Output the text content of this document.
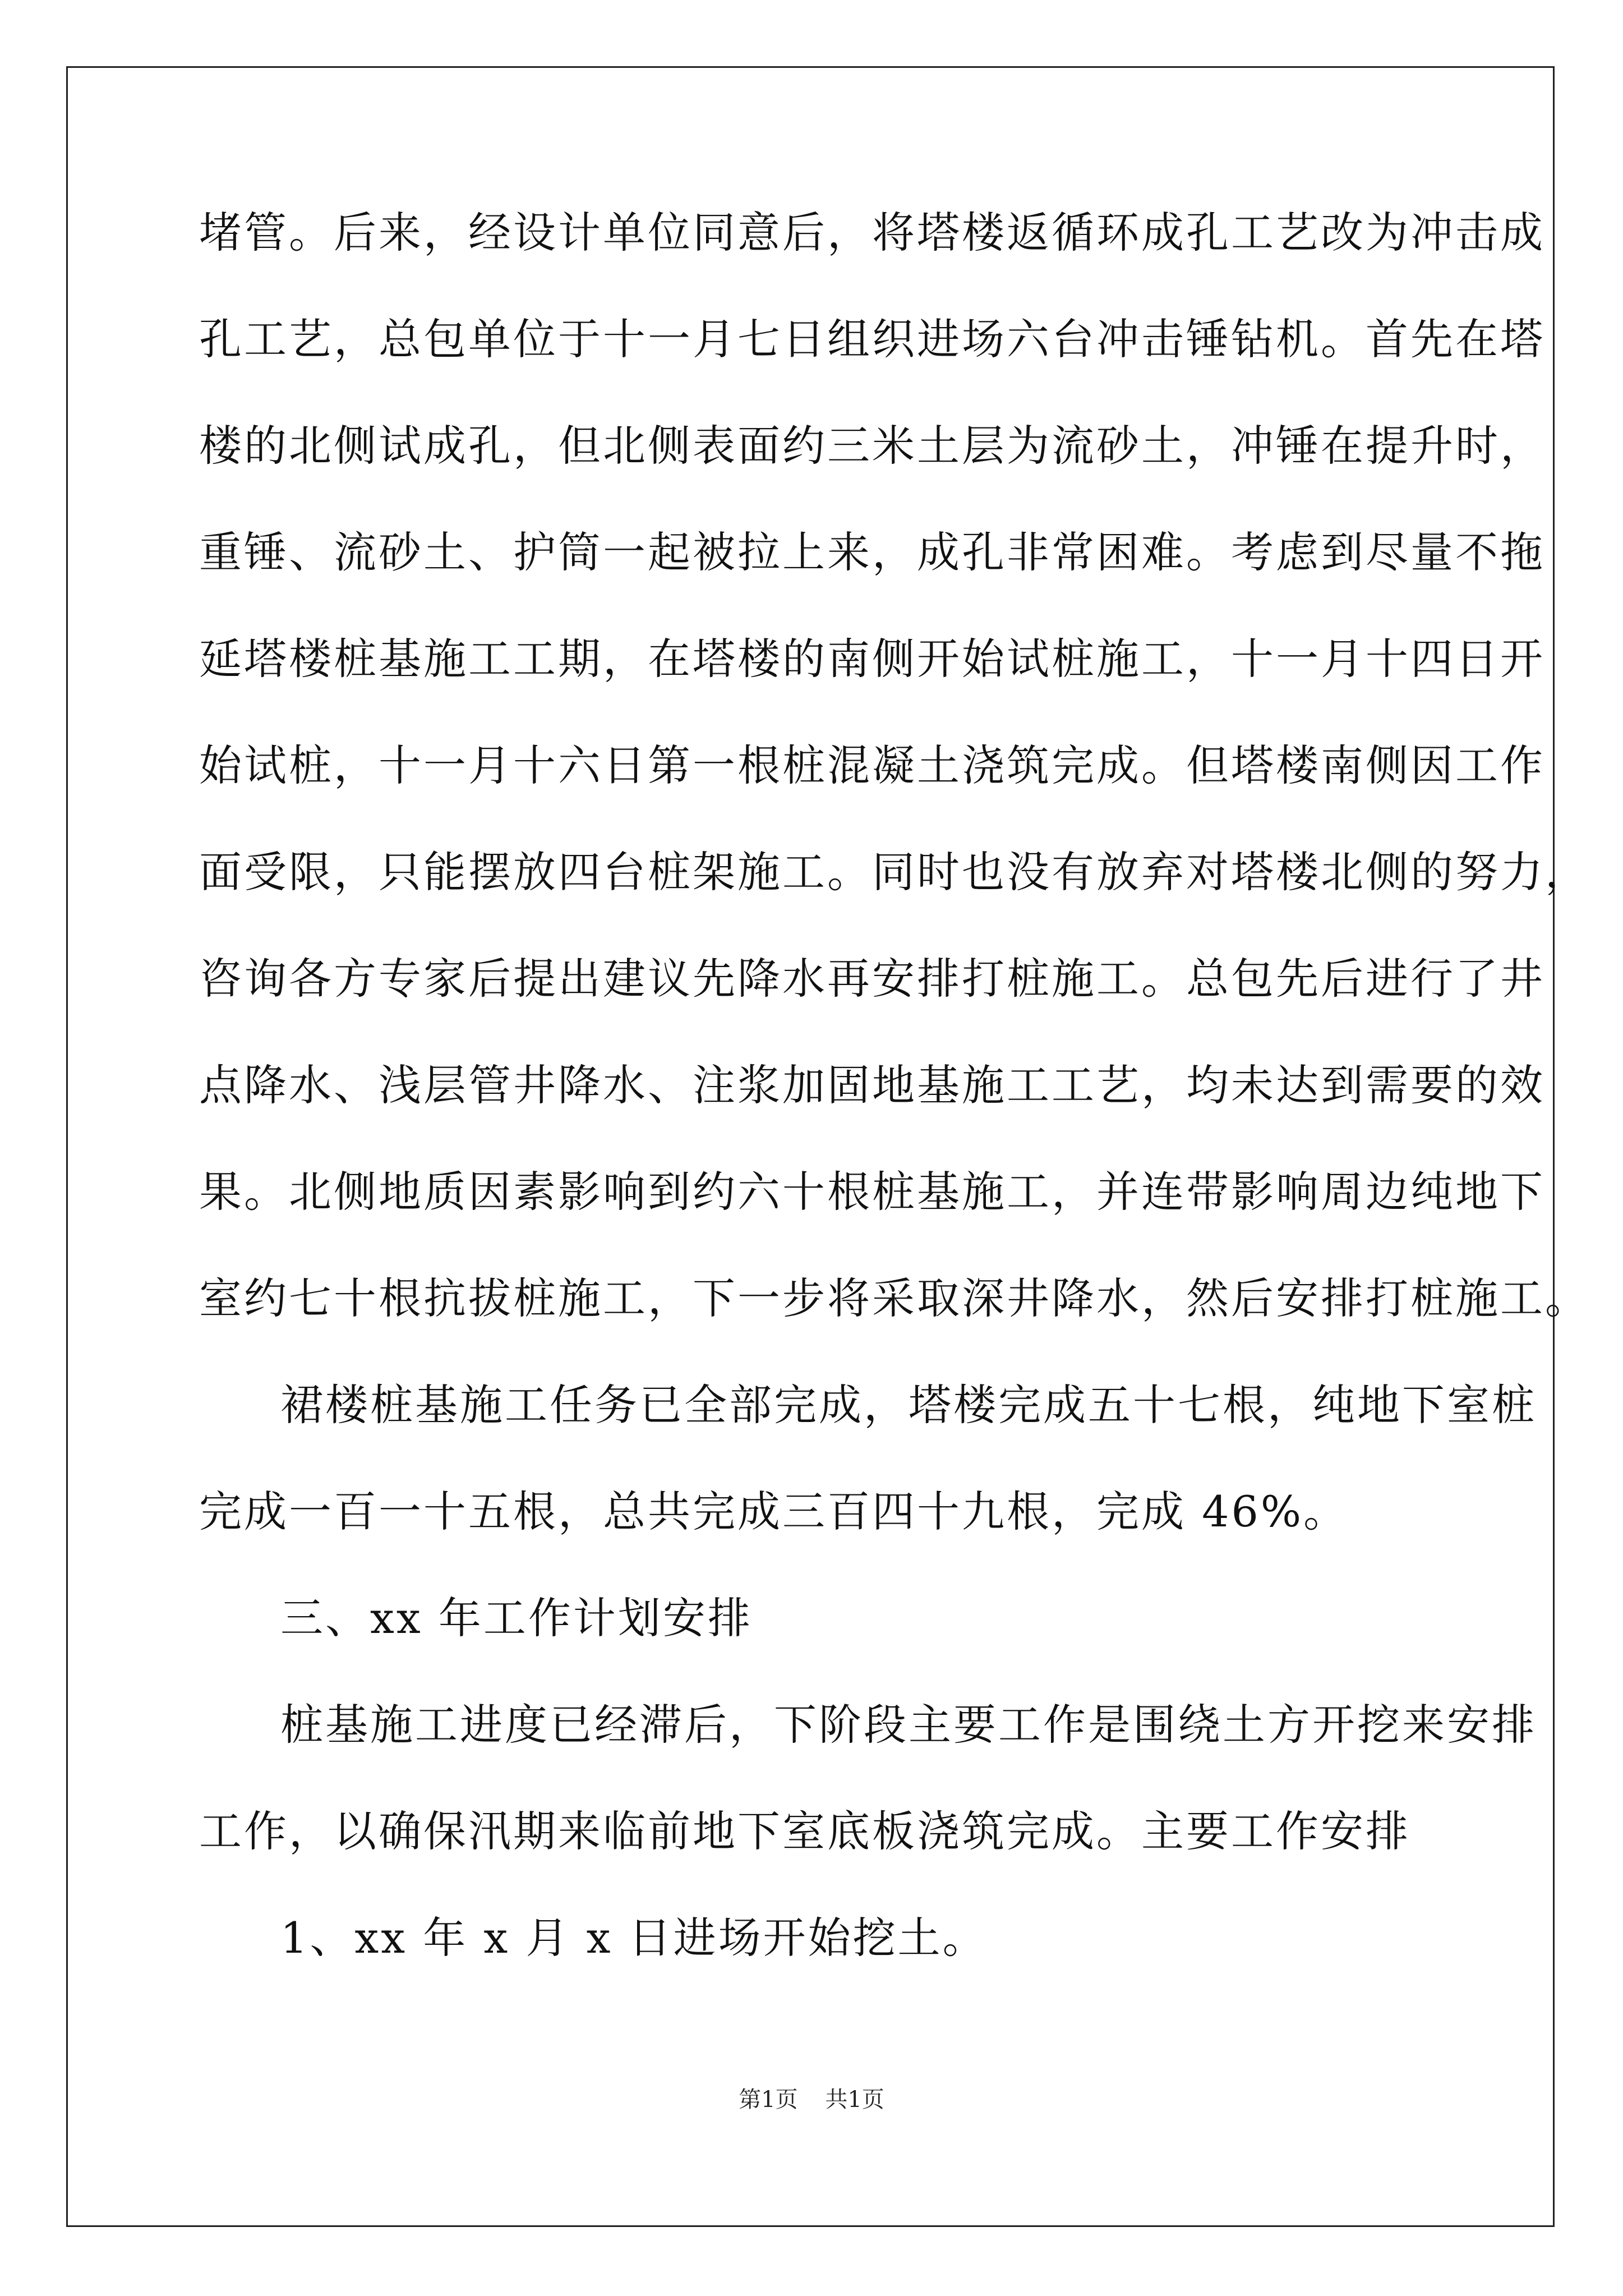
堵管。后来，经设计单位同意后，将塔楼返循环成孔工艺改为冲击成
孔工艺，总包单位于十一月七日组织进场六台冲击锤钻机。首先在塔
楼的北侧试成孔，但北侧表面约三米土层为流砂土，冲锤在提升时，
重锤、流砂土、护筒一起被拉上来，成孔非常困难。考虑到尽量不拖
延塔楼桩基施工工期，在塔楼的南侧开始试桩施工，十一月十四日开
始试桩，十一月十六日第一根桩混凝土浇筑完成。但塔楼南侧因工作
面受限，只能摆放四台桩架施工。同时也没有放弃对塔楼北侧的努力，
咨询各方专家后提出建议先降水再安排打桩施工。总包先后进行了井
点降水、浅层管井降水、注浆加固地基施工工艺，均未达到需要的效
果。北侧地质因素影响到约六十根桩基施工，并连带影响周边纯地下
室约七十根抗拔桩施工，下一步将采取深井降水，然后安排打桩施工。
裙楼桩基施工任务已全部完成，塔楼完成五十七根，纯地下室桩
完成一百一十五根，总共完成三百四十九根，完成 46%。
三、xx 年工作计划安排
桩基施工进度已经滞后，下阶段主要工作是围绕土方开挖来安排
工作，以确保汛期来临前地下室底板浇筑完成。主要工作安排
1、xx 年 x 月 x 日进场开始挖土。
第1页 共1页
